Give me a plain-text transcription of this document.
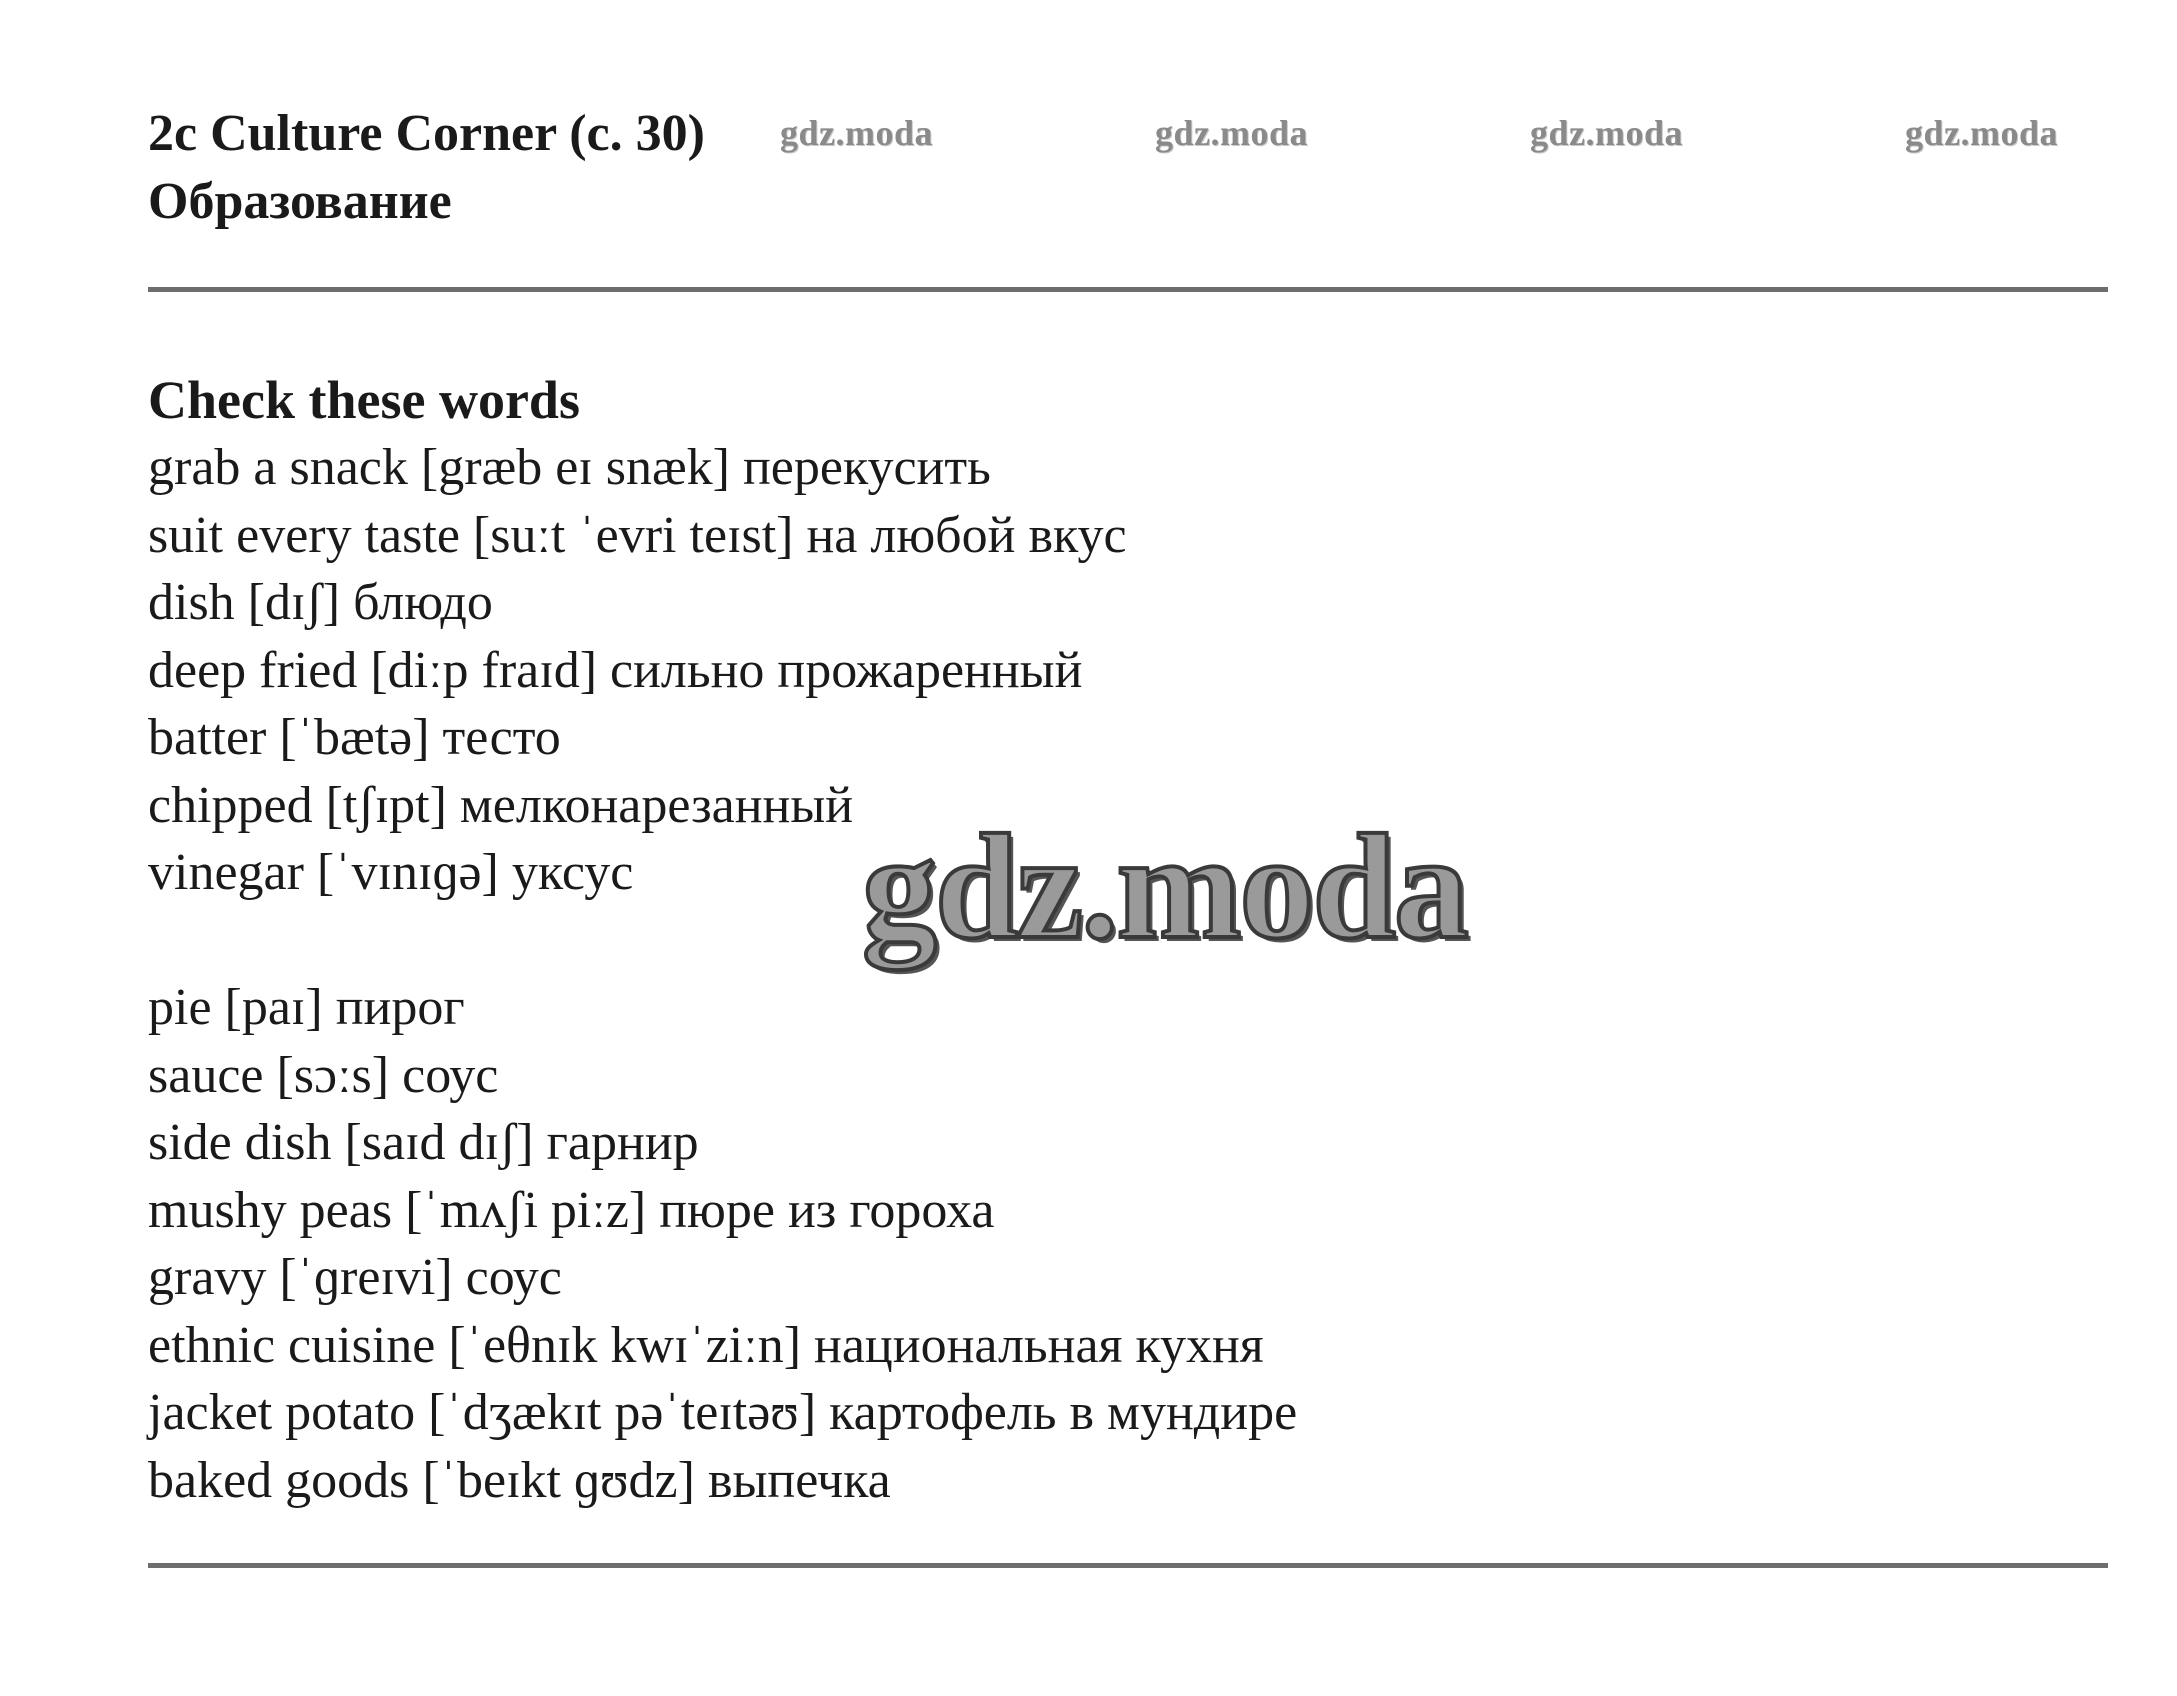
2c Culture Corner (с. 30)

Образование

gdz.moda	gdz.moda	gdz.moda	gdz.moda

Check these words

grab a snack [græb eɪ snæk] перекусить
suit every taste [suːt ˈevri teɪst] на любой вкус
dish [dɪʃ] блюдо
deep fried [diːp fraɪd] сильно прожаренный
batter [ˈbætə] тесто
chipped [tʃɪpt] мелконарезанный
vinegar [ˈvɪnɪɡə] уксус
pie [paɪ] пирог
sauce [sɔːs] соус
side dish [saɪd dɪʃ] гарнир
mushy peas [ˈmʌʃi piːz] пюре из гороха
gravy [ˈɡreɪvi] соус
ethnic cuisine [ˈeθnɪk kwɪˈziːn] национальная кухня
jacket potato [ˈdʒækɪt pəˈteɪtəʊ] картофель в мундире
baked goods [ˈbeɪkt ɡʊdz] выпечка
gdz.moda
